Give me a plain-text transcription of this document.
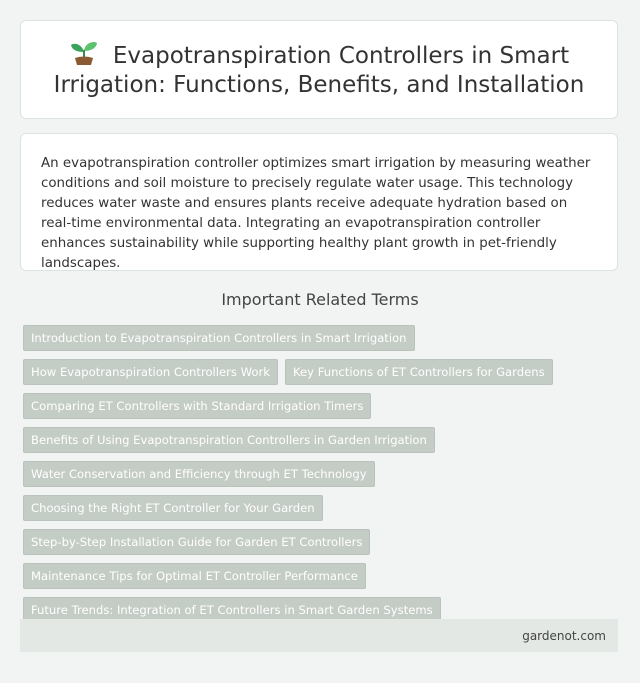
Evapotranspiration Controllers in Smart Irrigation: Functions, Benefits, and Installation

An evapotranspiration controller optimizes smart irrigation by measuring weather conditions and soil moisture to precisely regulate water usage. This technology reduces water waste and ensures plants receive adequate hydration based on real-time environmental data. Integrating an evapotranspiration controller enhances sustainability while supporting healthy plant growth in pet-friendly landscapes.

Important Related Terms
Introduction to Evapotranspiration Controllers in Smart Irrigation
How Evapotranspiration Controllers Work	Key Functions of ET Controllers for Gardens
Comparing ET Controllers with Standard Irrigation Timers
Benefits of Using Evapotranspiration Controllers in Garden Irrigation
Water Conservation and Efficiency through ET Technology
Choosing the Right ET Controller for Your Garden
Step-by-Step Installation Guide for Garden ET Controllers
Maintenance Tips for Optimal ET Controller Performance
Future Trends: Integration of ET Controllers in Smart Garden Systems
gardenot.com
